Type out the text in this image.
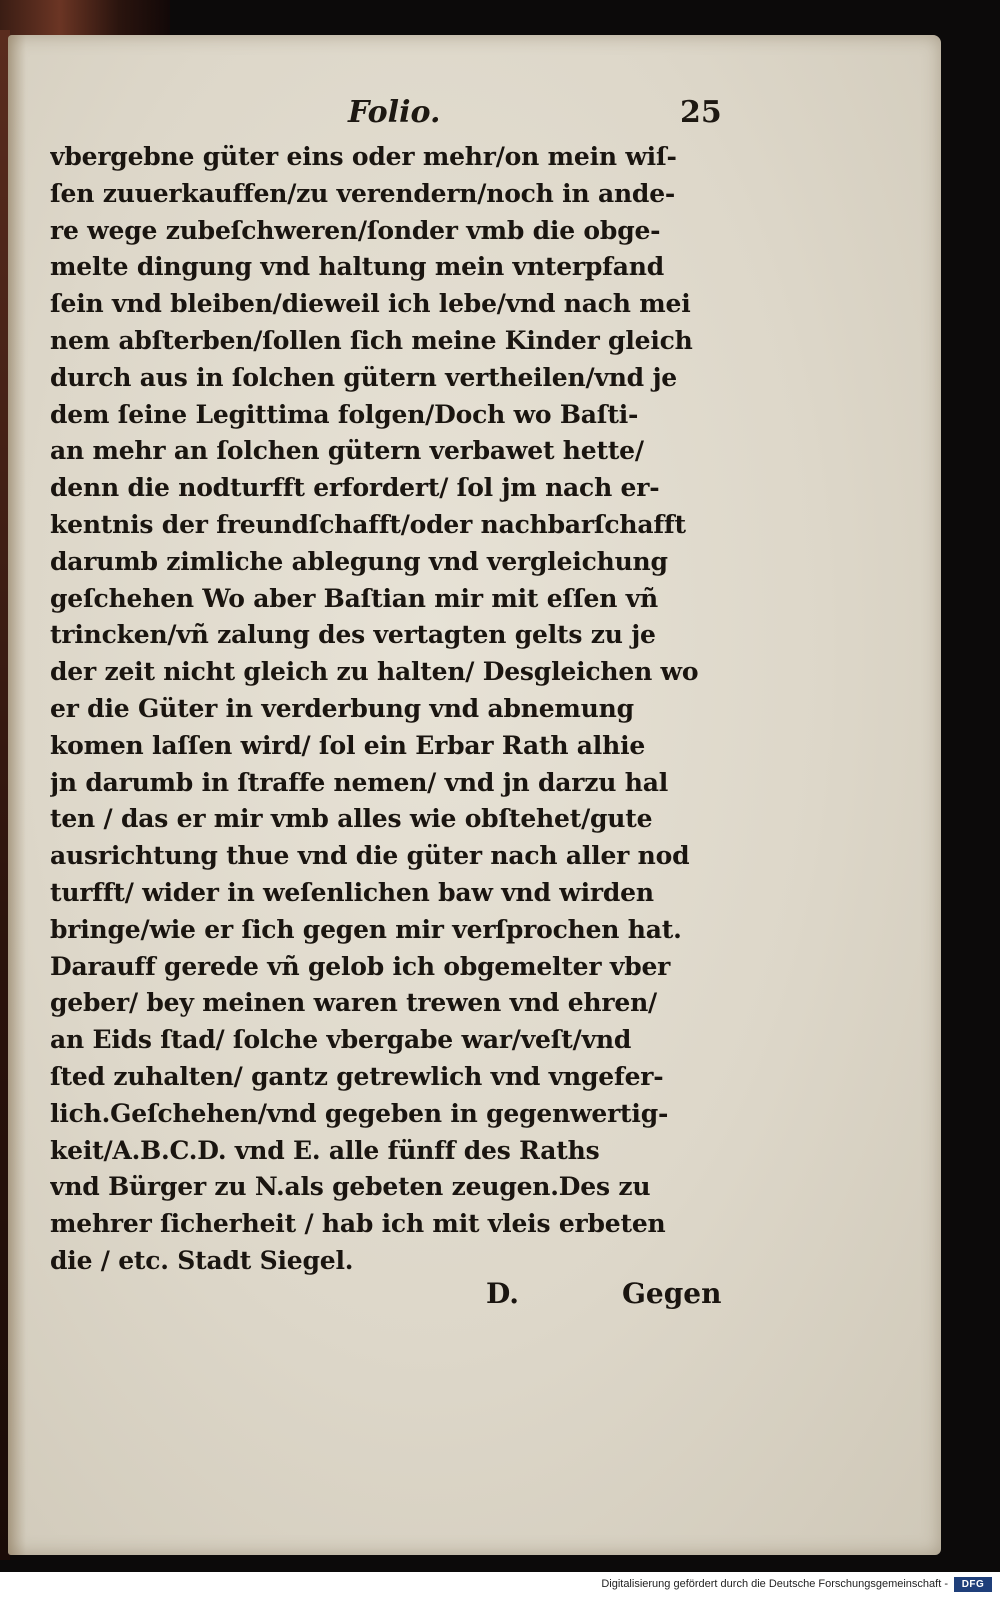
Folio.	25
vbergebne güter eins oder mehr/on mein wiſ-
ſen zuuerkauffen/zu verendern/noch in ande-
re wege zubeſchweren/ſonder vmb die obge-
melte dingung vnd haltung mein vnterpfand
ſein vnd bleiben/dieweil ich lebe/vnd nach mei
nem abſterben/ſollen ſich meine Kinder gleich
durch aus in ſolchen gütern vertheilen/vnd je
dem ſeine Legittima folgen/Doch wo Baſti-
an mehr an ſolchen gütern verbawet hette/
denn die nodturfft erfordert/ ſol jm nach er-
kentnis der freundſchafft/oder nachbarſchafft
darumb zimliche ablegung vnd vergleichung
geſchehen Wo aber Baſtian mir mit eſſen vñ
trincken/vñ zalung des vertagten gelts zu je
der zeit nicht gleich zu halten/ Desgleichen wo
er die Güter in verderbung vnd abnemung
komen laſſen wird/ ſol ein Erbar Rath alhie
jn darumb in ſtraffe nemen/ vnd jn darzu hal
ten / das er mir vmb alles wie obſtehet/gute
ausrichtung thue vnd die güter nach aller nod
turfft/ wider in weſenlichen baw vnd wirden
bringe/wie er ſich gegen mir verſprochen hat.
Darauff gerede vñ gelob ich obgemelter vber
geber/ bey meinen waren trewen vnd ehren/
an Eids ſtad/ ſolche vbergabe war/veſt/vnd
ſted zuhalten/ gantz getrewlich vnd vngefer-
lich.Geſchehen/vnd gegeben in gegenwertig-
keit/A.B.C.D. vnd E. alle fünff des Raths
vnd Bürger zu N.als gebeten zeugen.Des zu
mehrer ſicherheit / hab ich mit vleis erbeten
die / etc. Stadt Siegel.
D.	Gegen
Digitalisierung gefördert durch die Deutsche Forschungsgemeinschaft -	DFG
